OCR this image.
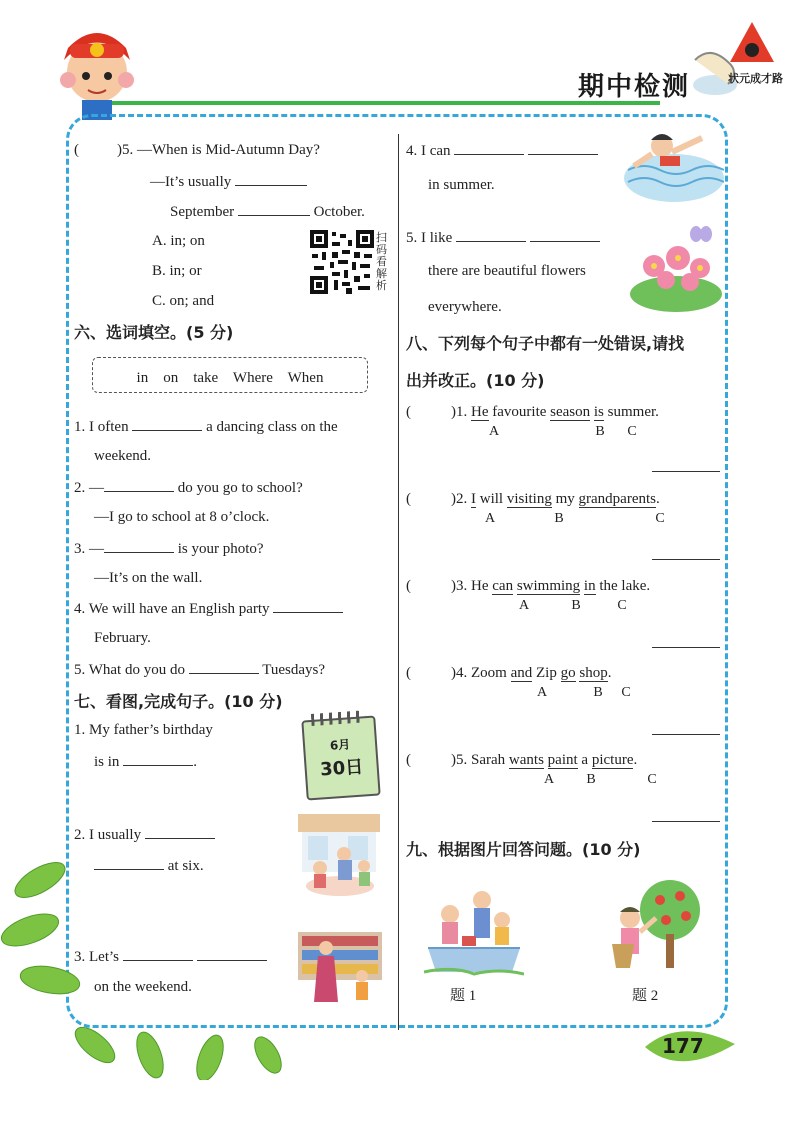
期中检测	状元成才路
177
(	)5. —When is Mid-Autumn Day?
—It’s usually
September	October.
A. in; on
B. in; or
C. on; and
扫码看解析
六、选词填空。(5 分)
in on take Where When
1. I often	a dancing class on the
weekend.
2. —	do you go to school?
—I go to school at 8 o’clock.
3. —	is your photo?
—It’s on the wall.
4. We will have an English party
February.
5. What do you do	Tuesdays?
七、看图,完成句子。(10 分)
1. My father’s birthday
is in	.
6月
30日
2. I usually
at six.
3. Let’s
on the weekend.
4. I can
in summer.
5. I like
there are beautiful flowers
everywhere.
八、下列每个句子中都有一处错误,请找
出并改正。(10 分)
(	)1. He favourite season is summer.
A	B C
(	)2. I will visiting my grandparents.
A	B	C
(	)3. He can swimming in the lake.
A	B	C
(	)4. Zoom and Zip go shop.
A	B C
(	)5. Sarah wants paint a picture.
A B	C
九、根据图片回答问题。(10 分)
题 1	题 2
